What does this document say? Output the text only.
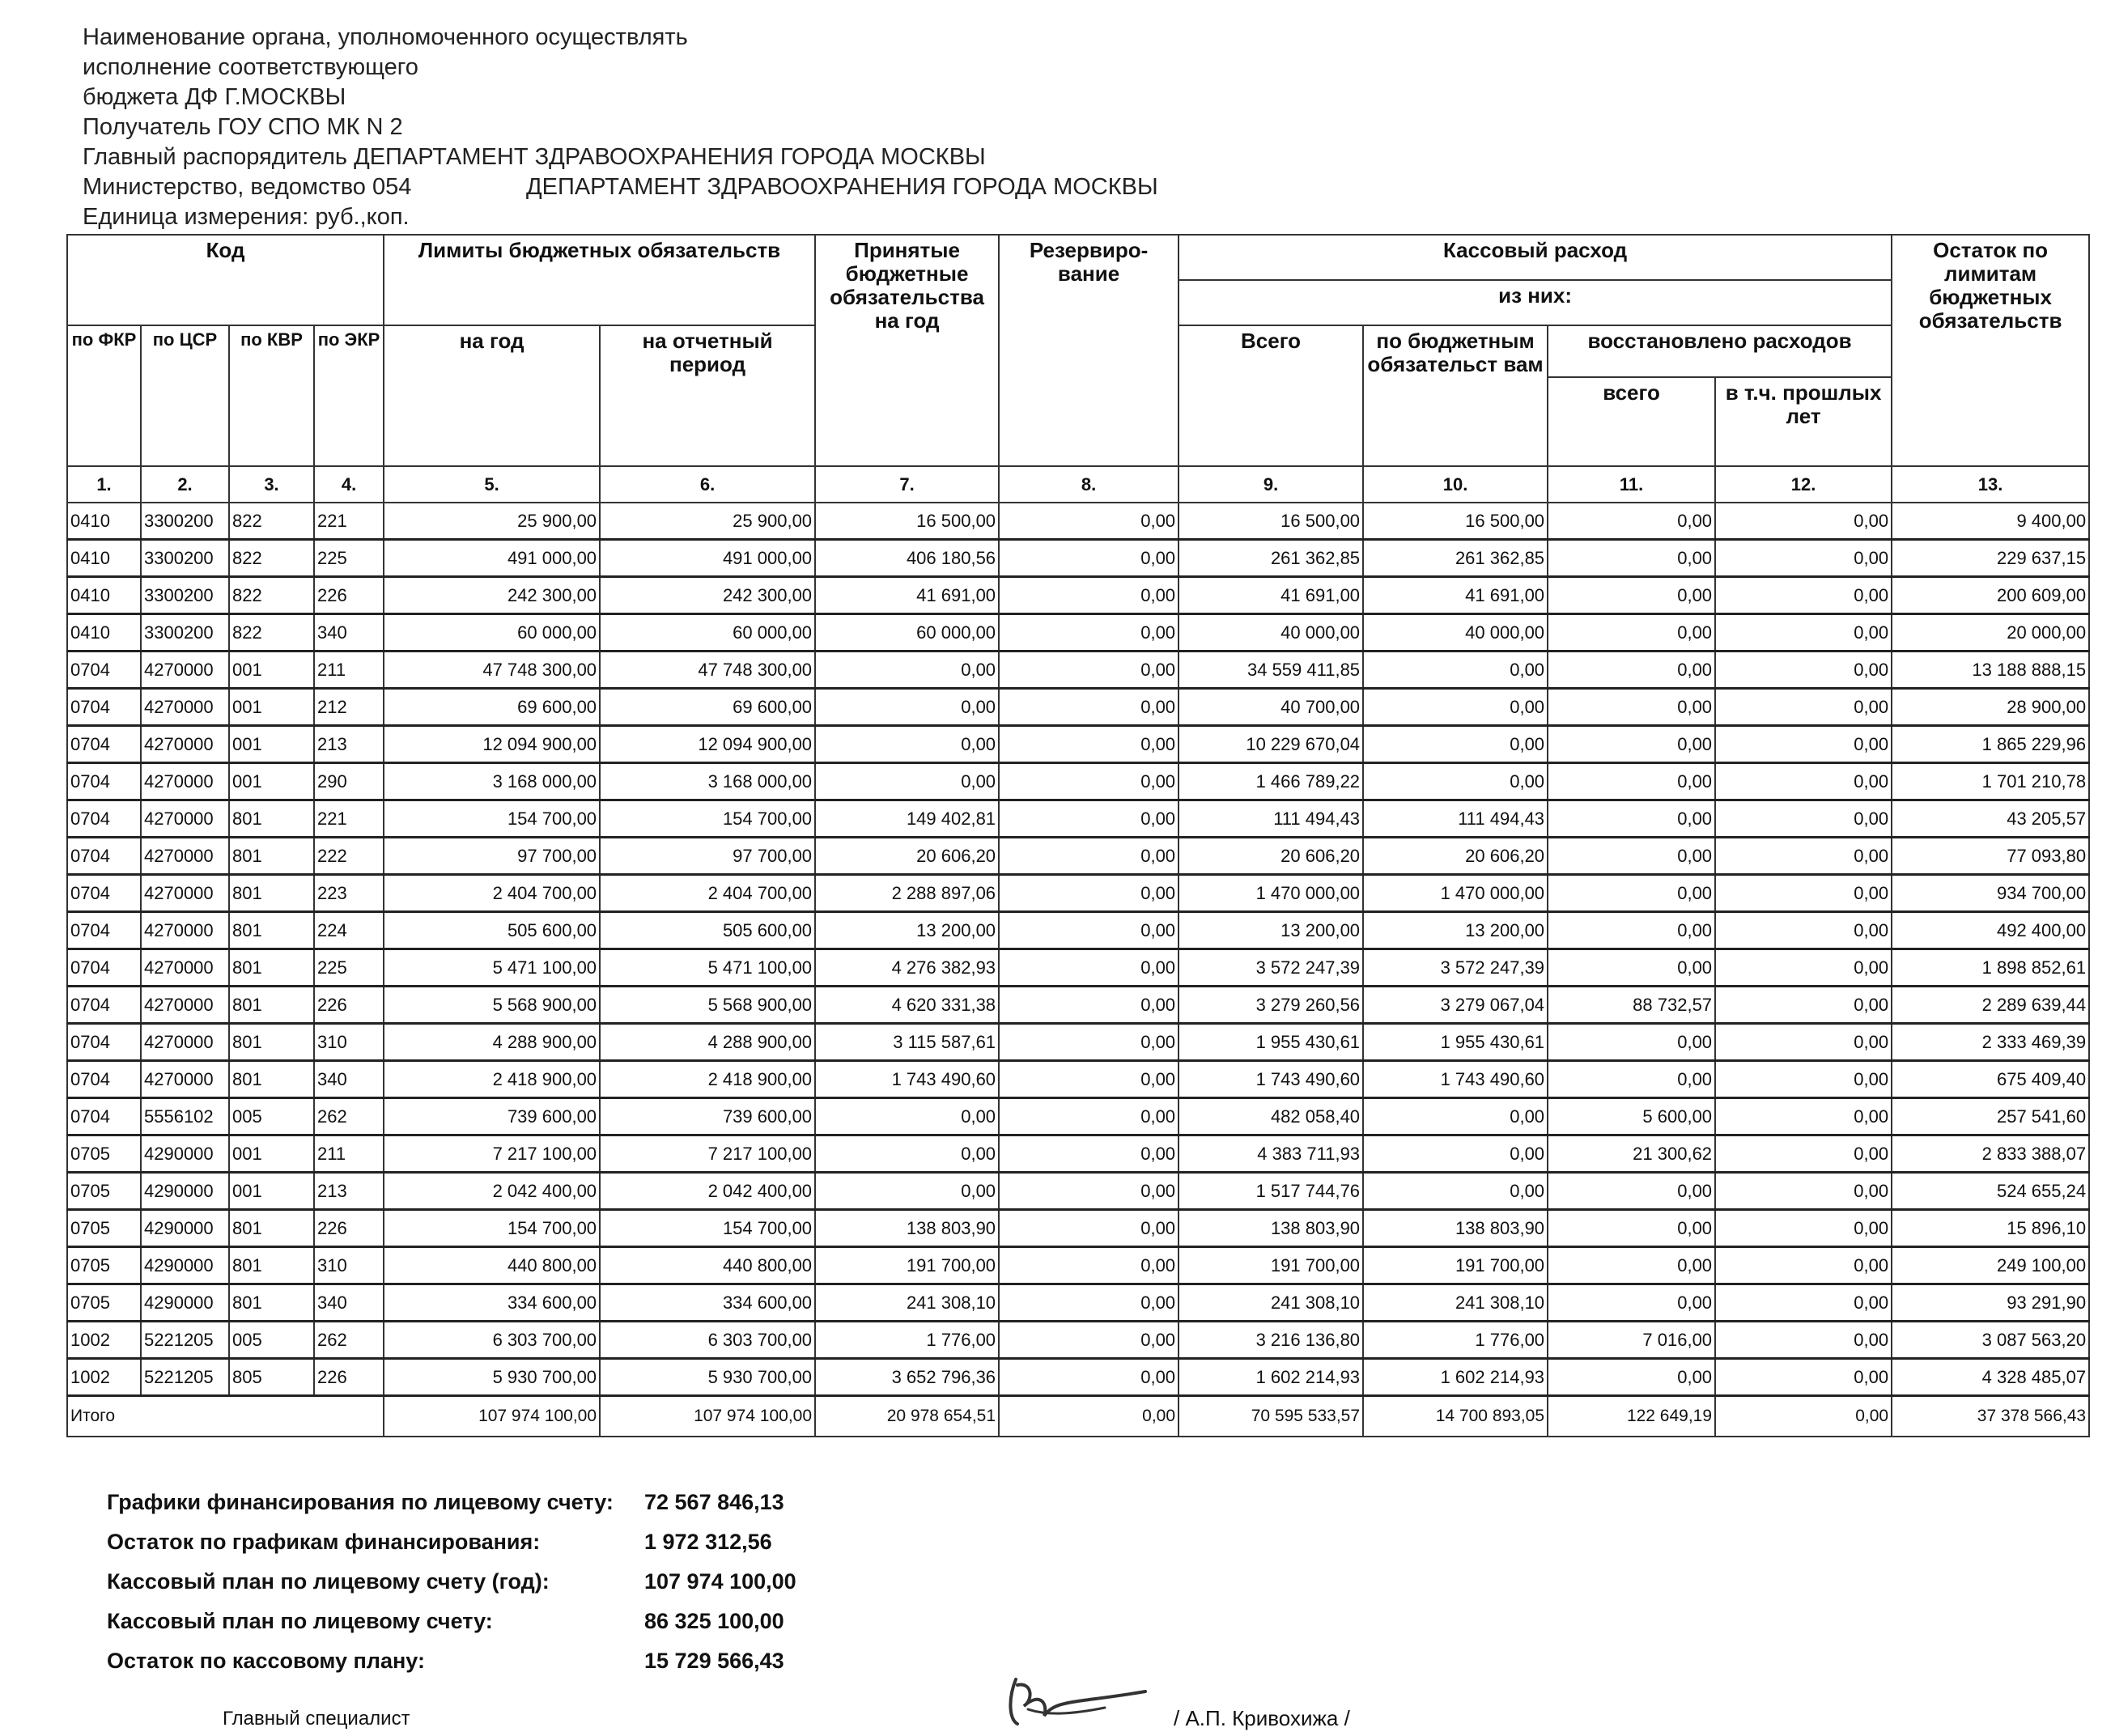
Наименование органа, уполномоченного осуществлять
исполнение соответствующего
бюджета ДФ Г.МОСКВЫ
Получатель ГОУ СПО МК N 2
Главный распорядитель ДЕПАРТАМЕНТ ЗДРАВООХРАНЕНИЯ ГОРОДА МОСКВЫ
Министерство, ведомство 054	ДЕПАРТАМЕНТ ЗДРАВООХРАНЕНИЯ ГОРОДА МОСКВЫ
Единица измерения: руб.,коп.
Код				Лимиты бюджетных обязательств		Принятые бюджетные обязательства на год	Резервиро-вание	Кассовый расход				Остаток по лимитам бюджетных обязательств
								из них:				
по ФКР	по ЦСР	по КВР	по ЭКР	на год	на отчетный период			Всего	по бюджетным обязательст вам	восстановлено расходов		
										всего	в т.ч. прошлых лет	
1.	2.	3.	4.	5.	6.	7.	8.	9.	10.	11.	12.	13.
0410	3300200	822	221	25 900,00	25 900,00	16 500,00	0,00	16 500,00	16 500,00	0,00	0,00	9 400,00
0410	3300200	822	225	491 000,00	491 000,00	406 180,56	0,00	261 362,85	261 362,85	0,00	0,00	229 637,15
0410	3300200	822	226	242 300,00	242 300,00	41 691,00	0,00	41 691,00	41 691,00	0,00	0,00	200 609,00
0410	3300200	822	340	60 000,00	60 000,00	60 000,00	0,00	40 000,00	40 000,00	0,00	0,00	20 000,00
0704	4270000	001	211	47 748 300,00	47 748 300,00	0,00	0,00	34 559 411,85	0,00	0,00	0,00	13 188 888,15
0704	4270000	001	212	69 600,00	69 600,00	0,00	0,00	40 700,00	0,00	0,00	0,00	28 900,00
0704	4270000	001	213	12 094 900,00	12 094 900,00	0,00	0,00	10 229 670,04	0,00	0,00	0,00	1 865 229,96
0704	4270000	001	290	3 168 000,00	3 168 000,00	0,00	0,00	1 466 789,22	0,00	0,00	0,00	1 701 210,78
0704	4270000	801	221	154 700,00	154 700,00	149 402,81	0,00	111 494,43	111 494,43	0,00	0,00	43 205,57
0704	4270000	801	222	97 700,00	97 700,00	20 606,20	0,00	20 606,20	20 606,20	0,00	0,00	77 093,80
0704	4270000	801	223	2 404 700,00	2 404 700,00	2 288 897,06	0,00	1 470 000,00	1 470 000,00	0,00	0,00	934 700,00
0704	4270000	801	224	505 600,00	505 600,00	13 200,00	0,00	13 200,00	13 200,00	0,00	0,00	492 400,00
0704	4270000	801	225	5 471 100,00	5 471 100,00	4 276 382,93	0,00	3 572 247,39	3 572 247,39	0,00	0,00	1 898 852,61
0704	4270000	801	226	5 568 900,00	5 568 900,00	4 620 331,38	0,00	3 279 260,56	3 279 067,04	88 732,57	0,00	2 289 639,44
0704	4270000	801	310	4 288 900,00	4 288 900,00	3 115 587,61	0,00	1 955 430,61	1 955 430,61	0,00	0,00	2 333 469,39
0704	4270000	801	340	2 418 900,00	2 418 900,00	1 743 490,60	0,00	1 743 490,60	1 743 490,60	0,00	0,00	675 409,40
0704	5556102	005	262	739 600,00	739 600,00	0,00	0,00	482 058,40	0,00	5 600,00	0,00	257 541,60
0705	4290000	001	211	7 217 100,00	7 217 100,00	0,00	0,00	4 383 711,93	0,00	21 300,62	0,00	2 833 388,07
0705	4290000	001	213	2 042 400,00	2 042 400,00	0,00	0,00	1 517 744,76	0,00	0,00	0,00	524 655,24
0705	4290000	801	226	154 700,00	154 700,00	138 803,90	0,00	138 803,90	138 803,90	0,00	0,00	15 896,10
0705	4290000	801	310	440 800,00	440 800,00	191 700,00	0,00	191 700,00	191 700,00	0,00	0,00	249 100,00
0705	4290000	801	340	334 600,00	334 600,00	241 308,10	0,00	241 308,10	241 308,10	0,00	0,00	93 291,90
1002	5221205	005	262	6 303 700,00	6 303 700,00	1 776,00	0,00	3 216 136,80	1 776,00	7 016,00	0,00	3 087 563,20
1002	5221205	805	226	5 930 700,00	5 930 700,00	3 652 796,36	0,00	1 602 214,93	1 602 214,93	0,00	0,00	4 328 485,07
Итого				107 974 100,00	107 974 100,00	20 978 654,51	0,00	70 595 533,57	14 700 893,05	122 649,19	0,00	37 378 566,43
Графики финансирования по лицевому счету: 72 567 846,13
Остаток по графикам финансирования:	1 972 312,56
Кассовый план по лицевому счету (год):	107 974 100,00
Кассовый план по лицевому счету:	86 325 100,00
Остаток по кассовому плану:	15 729 566,43
Главный специалист	/ А.П. Кривохижа /
